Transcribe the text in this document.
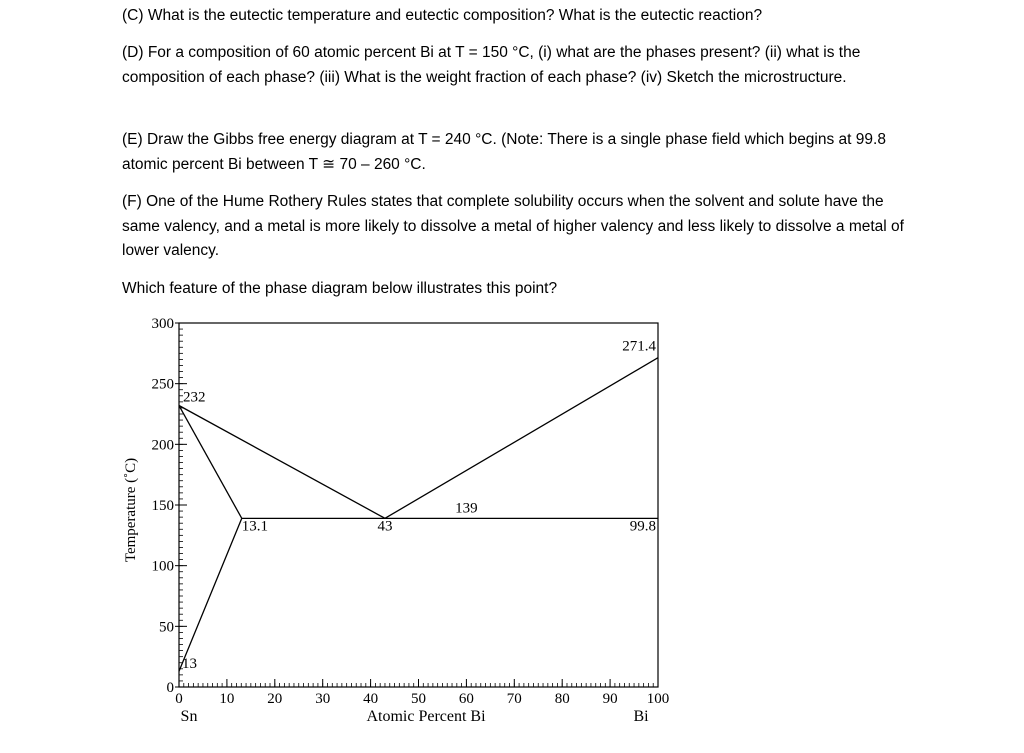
(C) What is the eutectic temperature and eutectic composition? What is the eutectic reaction?

(D) For a composition of 60 atomic percent Bi at T = 150 °C, (i) what are the phases present? (ii) what is the composition of each phase? (iii) What is the weight fraction of each phase? (iv) Sketch the microstructure.

(E) Draw the Gibbs free energy diagram at T = 240 °C. (Note: There is a single phase field which begins at 99.8 atomic percent Bi between T ≅ 70 – 260 °C.

(F) One of the Hume Rothery Rules states that complete solubility occurs when the solvent and solute have the same valency, and a metal is more likely to dissolve a metal of higher valency and less likely to dissolve a metal of lower valency.

Which feature of the phase diagram below illustrates this point?

0 10 20 30 40 50 60 70 80 90 100
0
50
100
150
200
250
300
232
271.4
139
13.1	43	99.8
13
Atomic Percent Bi
Temperature (˚C)
Sn	Bi
